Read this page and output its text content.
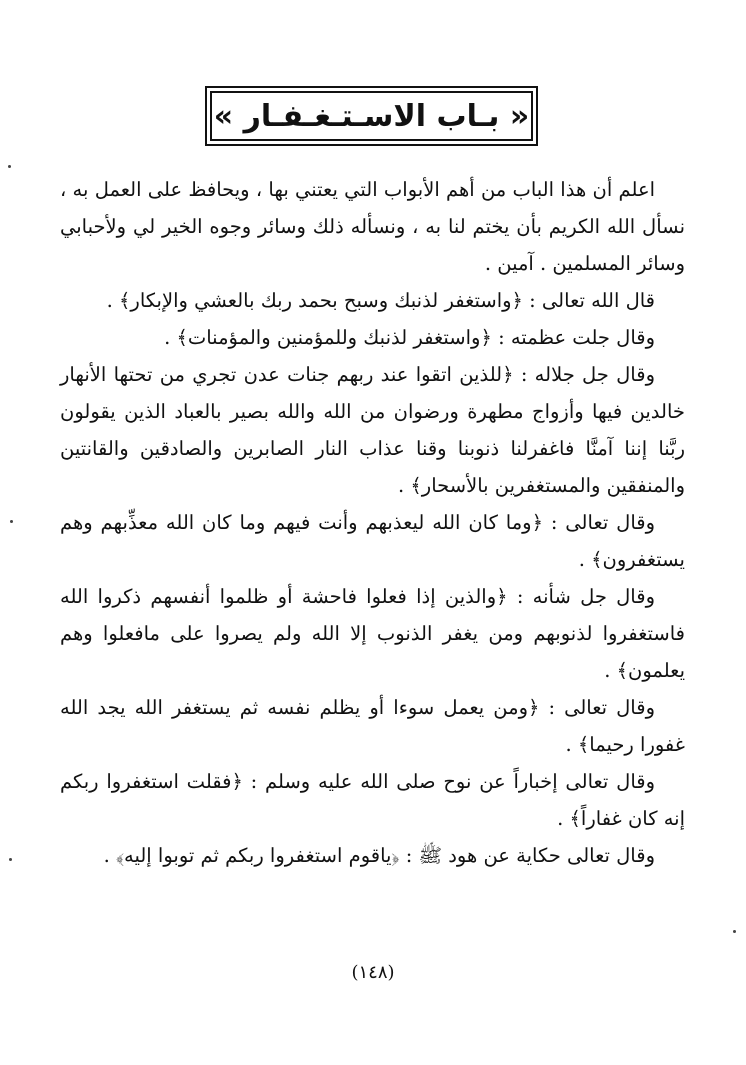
« بـاب الاسـتـغـفـار »

اعلم أن هذا الباب من أهم الأبواب التي يعتني بها ، ويحافظ على العمل به ، نسأل الله الكريم بأن يختم لنا به ، ونسأله ذلك وسائر وجوه الخير لي ولأحبابي وسائر المسلمين . آمين .

قال الله تعالى : ﴿واستغفر لذنبك وسبح بحمد ربك بالعشي والإبكار﴾ .

وقال جلت عظمته : ﴿واستغفر لذنبك وللمؤمنين والمؤمنات﴾ .

وقال جل جلاله : ﴿للذين اتقوا عند ربهم جنات عدن تجري من تحتها الأنهار خالدين فيها وأزواج مطهرة ورضوان من الله والله بصير بالعباد الذين يقولون ربَّنا إننا آمنَّا فاغفرلنا ذنوبنا وقنا عذاب النار الصابرين والصادقين والقانتين والمنفقين والمستغفرين بالأسحار﴾ .

وقال تعالى : ﴿وما كان الله ليعذبهم وأنت فيهم وما كان الله معذِّبهم وهم يستغفرون﴾ .

وقال جل شأنه : ﴿والذين إذا فعلوا فاحشة أو ظلموا أنفسهم ذكروا الله فاستغفروا لذنوبهم ومن يغفر الذنوب إلا الله ولم يصروا على مافعلوا وهم يعلمون﴾ .

وقال تعالى : ﴿ومن يعمل سوءا أو يظلم نفسه ثم يستغفر الله يجد الله غفورا رحيما﴾ .

وقال تعالى إخباراً عن نوح صلى الله عليه وسلم : ﴿فقلت استغفروا ربكم إنه كان غفاراً﴾ .

وقال تعالى حكاية عن هود ﷺ : ﴿ياقوم استغفروا ربكم ثم توبوا إليه﴾ .

(١٤٨)
